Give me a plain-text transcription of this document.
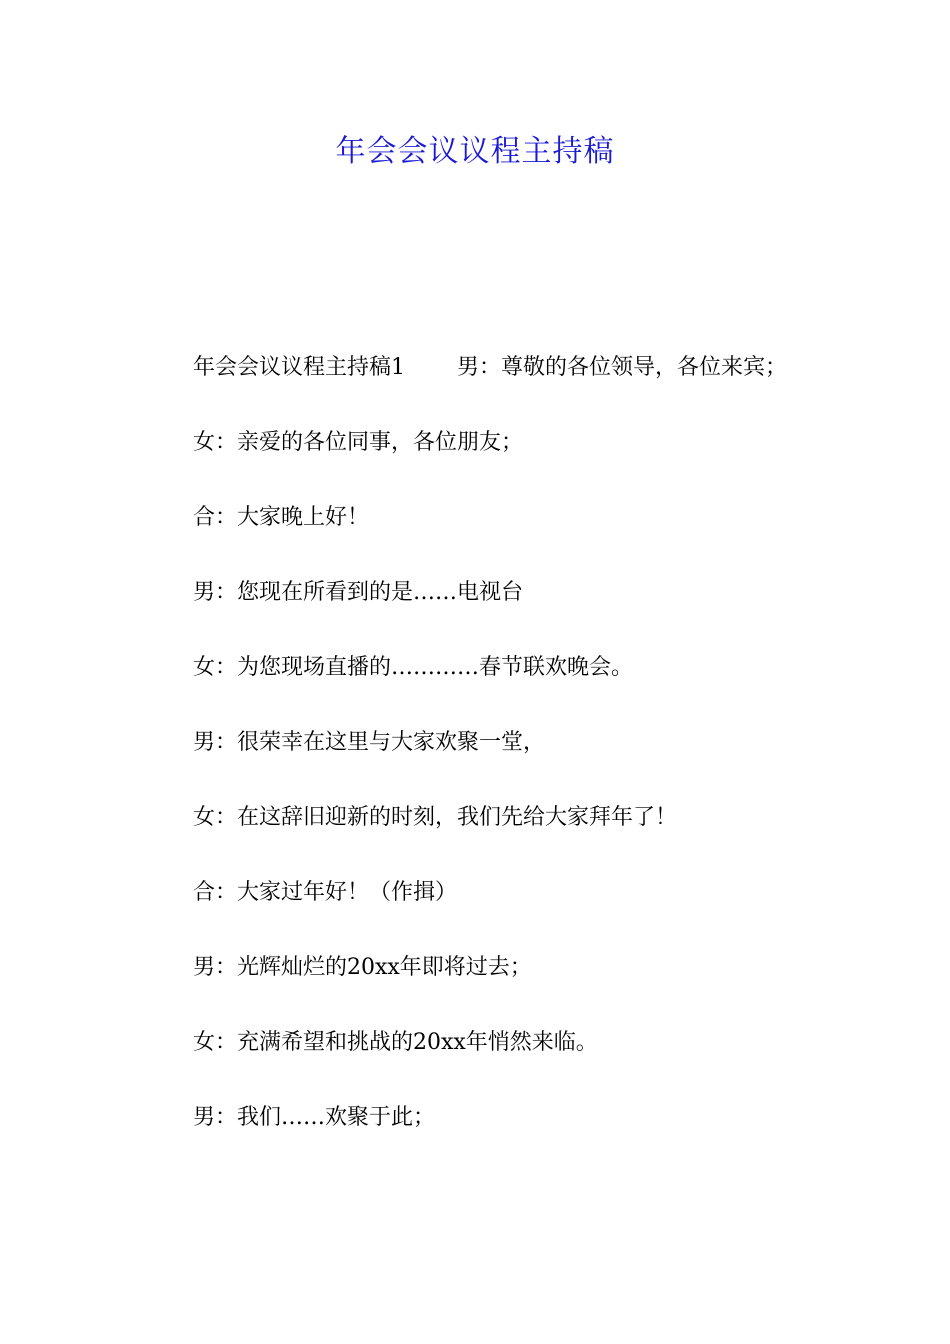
年会会议议程主持稿

年会会议议程主持稿1 男：尊敬的各位领导，各位来宾；

女：亲爱的各位同事，各位朋友；

合：大家晚上好！

男：您现在所看到的是……电视台

女：为您现场直播的…………春节联欢晚会。

男：很荣幸在这里与大家欢聚一堂，

女：在这辞旧迎新的时刻，我们先给大家拜年了！

合：大家过年好！（作揖）

男：光辉灿烂的20xx年即将过去；

女：充满希望和挑战的20xx年悄然来临。

男：我们……欢聚于此；
